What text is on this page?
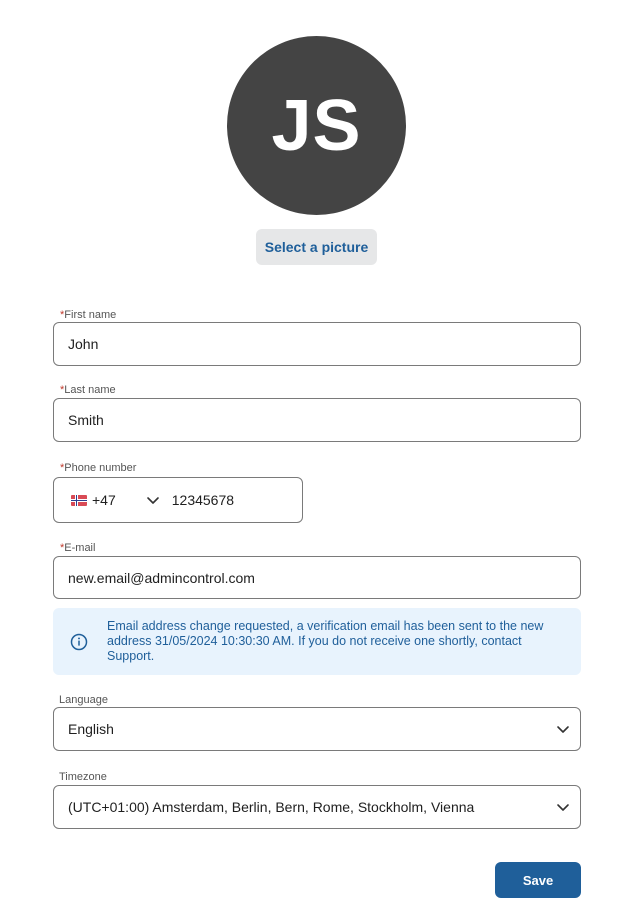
JS
Select a picture
*First name
John
*Last name
Smith
*Phone number
+47	12345678
*E-mail
new.email@admincontrol.com
Email address change requested, a verification email has been sent to the new address 31/05/2024 10:30:30 AM. If you do not receive one shortly, contact Support.
Language
English
Timezone
(UTC+01:00) Amsterdam, Berlin, Bern, Rome, Stockholm, Vienna
Save
